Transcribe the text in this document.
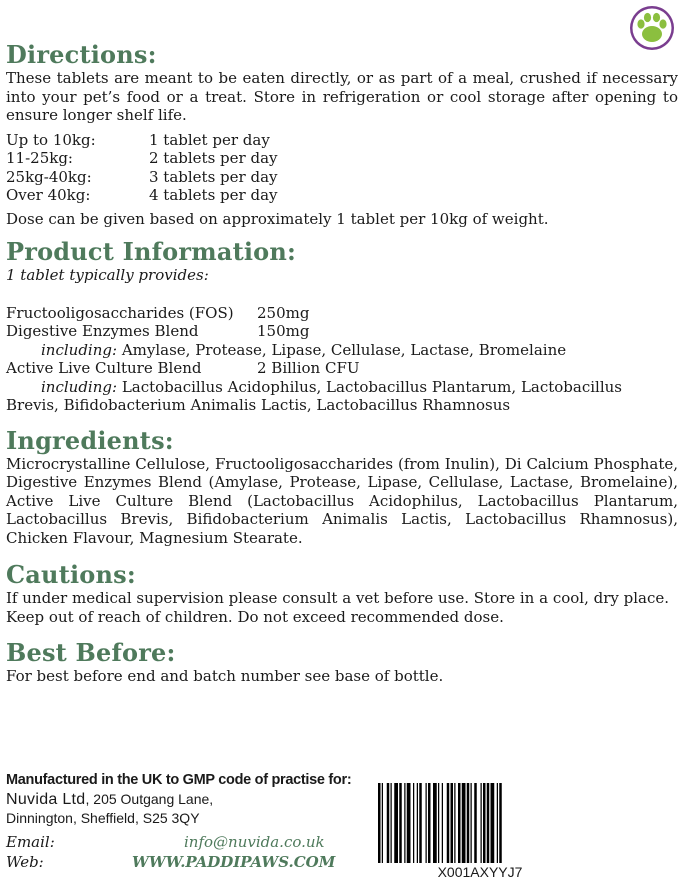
Directions:

These tablets are meant to be eaten directly, or as part of a meal, crushed if necessary into your pet’s food or a treat. Store in refrigeration or cool storage after opening to ensure longer shelf life.

Up to 10kg:	1 tablet per day
11-25kg:	2 tablets per day
25kg-40kg:	3 tablets per day
Over 40kg:	4 tablets per day

Dose can be given based on approximately 1 tablet per 10kg of weight.

Product Information:

1 tablet typically provides:

Fructooligosaccharides (FOS)	250mg
Digestive Enzymes Blend	150mg
including: Amylase, Protease, Lipase, Cellulase, Lactase, Bromelaine
Active Live Culture Blend	2 Billion CFU
including: Lactobacillus Acidophilus, Lactobacillus Plantarum, Lactobacillus
Brevis, Bifidobacterium Animalis Lactis, Lactobacillus Rhamnosus
Ingredients:

Microcrystalline Cellulose, Fructooligosaccharides (from Inulin), Di Calcium Phosphate, Digestive Enzymes Blend (Amylase, Protease, Lipase, Cellulase, Lactase, Bromelaine), Active Live Culture Blend (Lactobacillus Acidophilus, Lactobacillus Plantarum, Lactobacillus Brevis, Bifidobacterium Animalis Lactis, Lactobacillus Rhamnosus), Chicken Flavour, Magnesium Stearate.

Cautions:

If under medical supervision please consult a vet before use. Store in a cool, dry place. Keep out of reach of children. Do not exceed recommended dose.

Best Before:

For best before end and batch number see base of bottle.

Manufactured in the UK to GMP code of practise for:
Nuvida Ltd, 205 Outgang Lane,
Dinnington, Sheffield, S25 3QY
Email:	info@nuvida.co.uk
Web:	WWW.PADDIPAWS.COM
X001AXYYJ7
